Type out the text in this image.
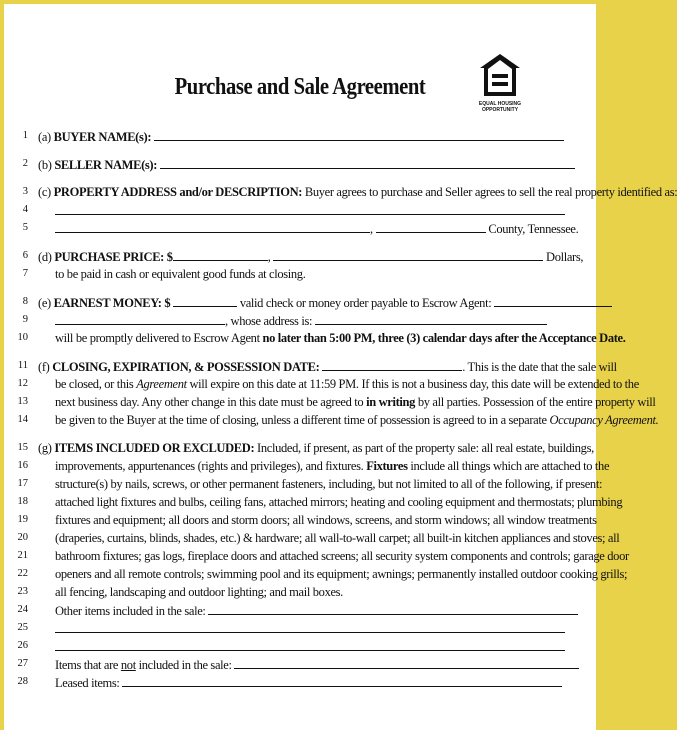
Purchase and Sale Agreement
EQUAL HOUSING
OPPORTUNITY
1
2
3
4
5
6
7
8
9
10
11
12
13
14
15
16
17
18
19
20
21
22
23
24
25
26
27
28
(a) BUYER NAME(s):
(b) SELLER NAME(s):
(c) PROPERTY ADDRESS and/or DESCRIPTION: Buyer agrees to purchase and Seller agrees to sell the real property identified as:
,	County, Tennessee.
(d) PURCHASE PRICE: $	,	Dollars,
to be paid in cash or equivalent good funds at closing.
(e) EARNEST MONEY: $	valid check or money order payable to Escrow Agent:
, whose address is:
will be promptly delivered to Escrow Agent no later than 5:00 PM, three (3) calendar days after the Acceptance Date.
(f) CLOSING, EXPIRATION, & POSSESSION DATE:	. This is the date that the sale will
be closed, or this Agreement will expire on this date at 11:59 PM. If this is not a business day, this date will be extended to the
next business day. Any other change in this date must be agreed to in writing by all parties. Possession of the entire property will
be given to the Buyer at the time of closing, unless a different time of possession is agreed to in a separate Occupancy Agreement.
(g) ITEMS INCLUDED OR EXCLUDED: Included, if present, as part of the property sale: all real estate, buildings,
improvements, appurtenances (rights and privileges), and fixtures. Fixtures include all things which are attached to the
structure(s) by nails, screws, or other permanent fasteners, including, but not limited to all of the following, if present:
attached light fixtures and bulbs, ceiling fans, attached mirrors; heating and cooling equipment and thermostats; plumbing
fixtures and equipment; all doors and storm doors; all windows, screens, and storm windows; all window treatments
(draperies, curtains, blinds, shades, etc.) & hardware; all wall-to-wall carpet; all built-in kitchen appliances and stoves; all
bathroom fixtures; gas logs, fireplace doors and attached screens; all security system components and controls; garage door
openers and all remote controls; swimming pool and its equipment; awnings; permanently installed outdoor cooking grills;
all fencing, landscaping and outdoor lighting; and mail boxes.
Other items included in the sale:
Items that are not included in the sale:
Leased items:
